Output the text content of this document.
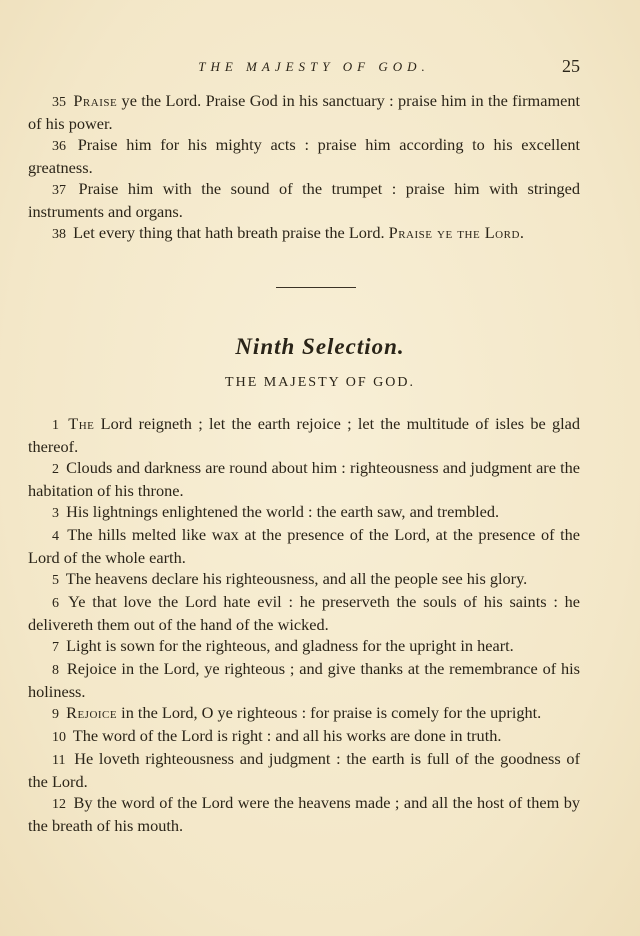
THE MAJESTY OF GOD.	25

35 Praise ye the Lord. Praise God in his sanctuary : praise him in the firmament of his power.

36 Praise him for his mighty acts : praise him according to his excellent greatness.

37 Praise him with the sound of the trumpet : praise him with stringed instruments and organs.

38 Let every thing that hath breath praise the Lord. Praise ye the Lord.

Ninth Selection.
THE MAJESTY OF GOD.

1 The Lord reigneth ; let the earth rejoice ; let the multitude of isles be glad thereof.

2 Clouds and darkness are round about him : righteousness and judgment are the habitation of his throne.

3 His lightnings enlightened the world : the earth saw, and trembled.

4 The hills melted like wax at the presence of the Lord, at the presence of the Lord of the whole earth.

5 The heavens declare his righteousness, and all the people see his glory.

6 Ye that love the Lord hate evil : he preserveth the souls of his saints : he delivereth them out of the hand of the wicked.

7 Light is sown for the righteous, and gladness for the upright in heart.

8 Rejoice in the Lord, ye righteous ; and give thanks at the remembrance of his holiness.

9 Rejoice in the Lord, O ye righteous : for praise is comely for the upright.

10 The word of the Lord is right : and all his works are done in truth.

11 He loveth righteousness and judgment : the earth is full of the goodness of the Lord.

12 By the word of the Lord were the heavens made ; and all the host of them by the breath of his mouth.
